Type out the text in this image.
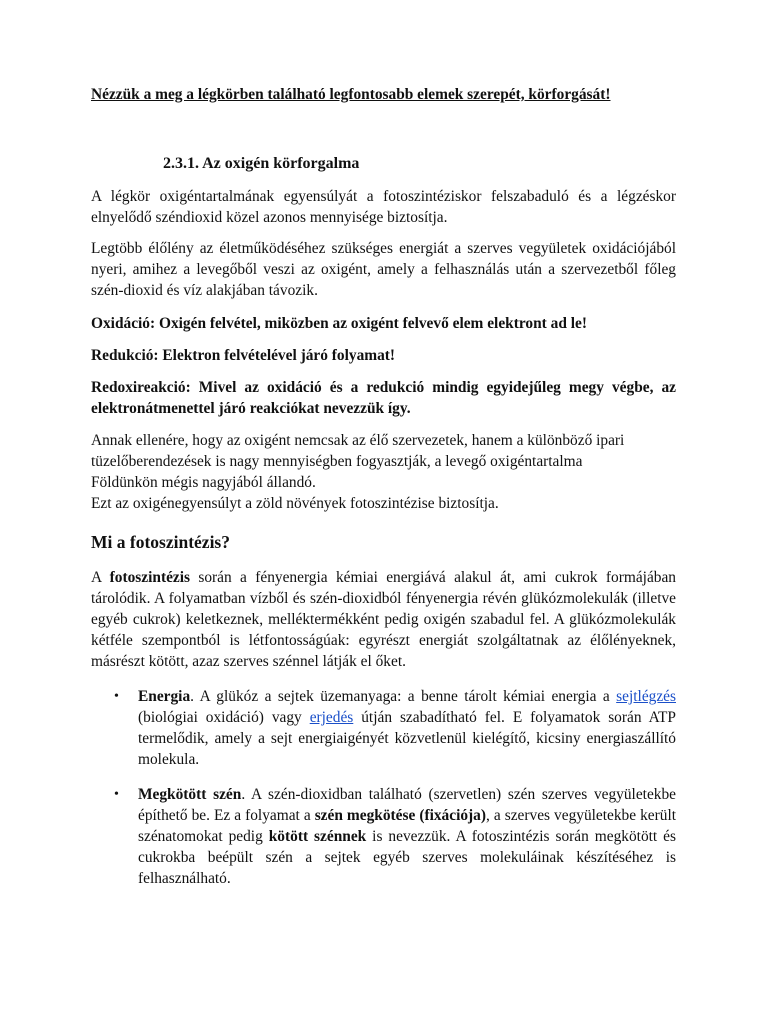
Nézzük a meg a légkörben található legfontosabb elemek szerepét, körforgását!

2.3.1. Az oxigén körforgalma

A légkör oxigéntartalmának egyensúlyát a fotoszintéziskor felszabaduló és a légzéskor elnyelődő széndioxid közel azonos mennyisége biztosítja.

Legtöbb élőlény az életműködéséhez szükséges energiát a szerves vegyületek oxidációjából nyeri, amihez a levegőből veszi az oxigént, amely a felhasználás után a szervezetből főleg szén-dioxid és víz alakjában távozik.

Oxidáció: Oxigén felvétel, miközben az oxigént felvevő elem elektront ad le!

Redukció: Elektron felvételével járó folyamat!

Redoxireakció: Mivel az oxidáció és a redukció mindig egyidejűleg megy végbe, az elektronátmenettel járó reakciókat nevezzük így.

Annak ellenére, hogy az oxigént nemcsak az élő szervezetek, hanem a különböző ipari

tüzelőberendezések is nagy mennyiségben fogyasztják, a levegő oxigéntartalma

Földünkön mégis nagyjából állandó.

Ezt az oxigénegyensúlyt a zöld növények fotoszintézise biztosítja.

Mi a fotoszintézis?

A fotoszintézis során a fényenergia kémiai energiává alakul át, ami cukrok formájában tárolódik. A folyamatban vízből és szén-dioxidból fényenergia révén glükózmolekulák (illetve egyéb cukrok) keletkeznek, melléktermékként pedig oxigén szabadul fel. A glükózmolekulák kétféle szempontból is létfontosságúak: egyrészt energiát szolgáltatnak az élőlényeknek, másrészt kötött, azaz szerves szénnel látják el őket.

• Energia. A glükóz a sejtek üzemanyaga: a benne tárolt kémiai energia a sejtlégzés (biológiai oxidáció) vagy erjedés útján szabadítható fel. E folyamatok során ATP termelődik, amely a sejt energiaigényét közvetlenül kielégítő, kicsiny energiaszállító molekula.

• Megkötött szén. A szén-dioxidban található (szervetlen) szén szerves vegyületekbe építhető be. Ez a folyamat a szén megkötése (fixációja), a szerves vegyületekbe került szénatomokat pedig kötött szénnek is nevezzük. A fotoszintézis során megkötött és cukrokba beépült szén a sejtek egyéb szerves molekuláinak készítéséhez is felhasználható.
